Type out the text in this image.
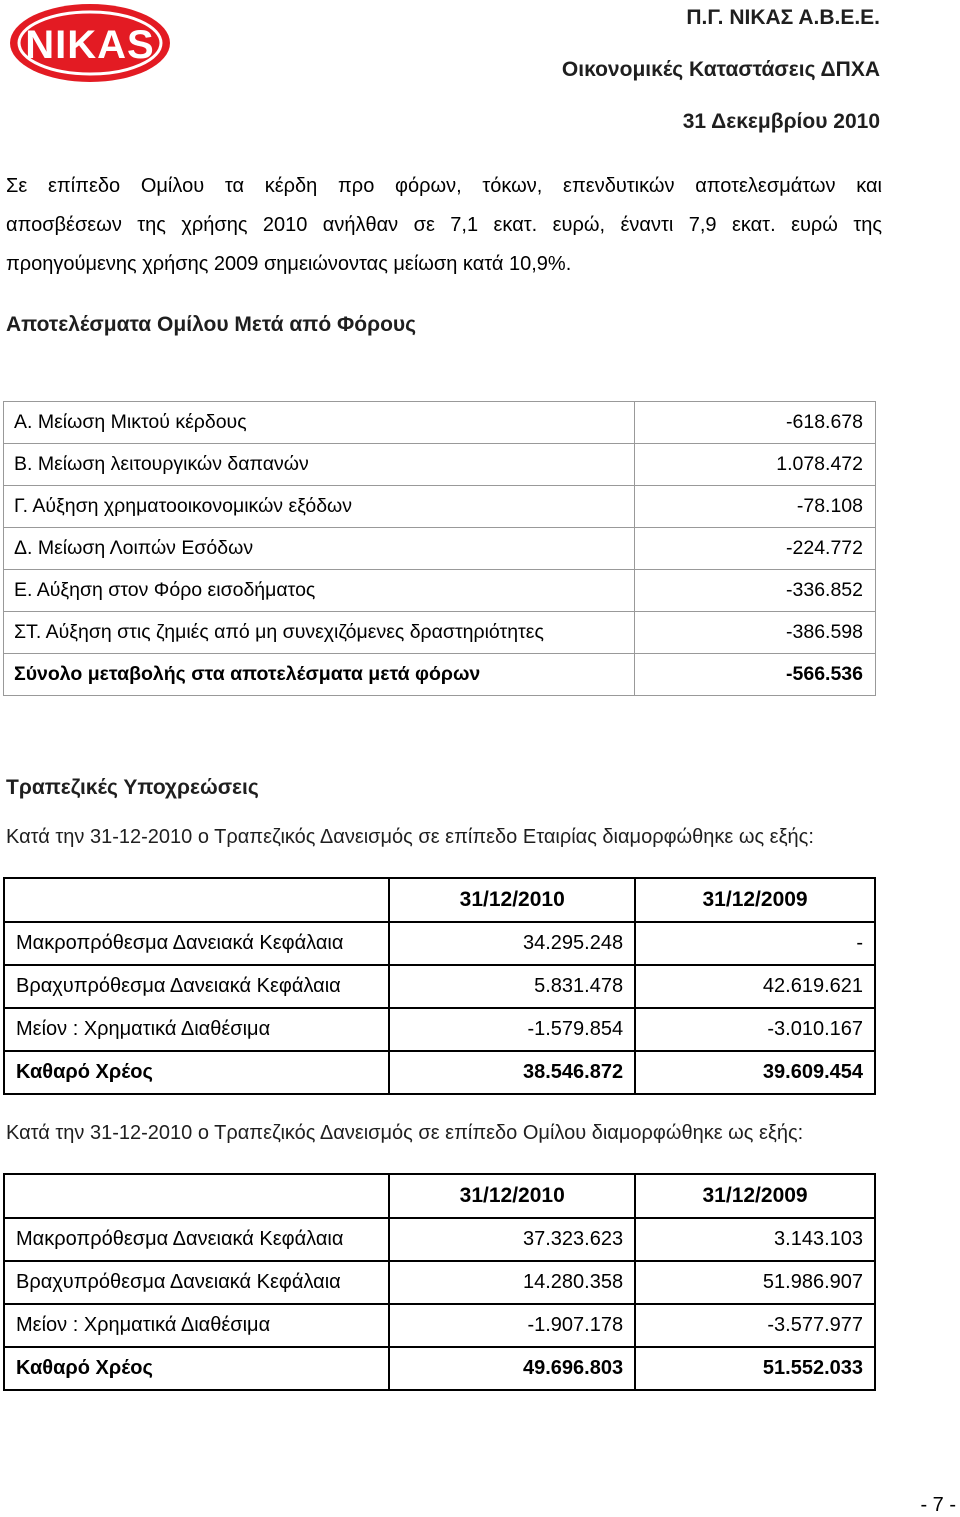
NIKAS
Π.Γ. ΝΙΚΑΣ Α.Β.Ε.Ε.
Οικονομικές Καταστάσεις ΔΠΧΑ
31 Δεκεμβρίου 2010
Σε επίπεδο Ομίλου τα κέρδη προ φόρων, τόκων, επενδυτικών αποτελεσμάτων και
αποσβέσεων της χρήσης 2010 ανήλθαν σε 7,1 εκατ. ευρώ, έναντι 7,9 εκατ. ευρώ της
προηγούμενης χρήσης 2009 σημειώνοντας μείωση κατά 10,9%.
Αποτελέσματα Ομίλου Μετά από Φόρους
Α. Μείωση Μικτού κέρδους	-618.678
Β. Μείωση λειτουργικών δαπανών	1.078.472
Γ. Αύξηση χρηματοοικονομικών εξόδων	-78.108
Δ. Μείωση Λοιπών Εσόδων	-224.772
Ε. Αύξηση στον Φόρο εισοδήματος	-336.852
ΣΤ. Αύξηση στις ζημιές από μη συνεχιζόμενες δραστηριότητες	-386.598
Σύνολο μεταβολής στα αποτελέσματα μετά φόρων	-566.536
Τραπεζικές Υποχρεώσεις
Κατά την 31-12-2010 ο Τραπεζικός Δανεισμός σε επίπεδο Εταιρίας διαμορφώθηκε ως εξής:
	31/12/2010	31/12/2009
Μακροπρόθεσμα Δανειακά Κεφάλαια	34.295.248	-
Βραχυπρόθεσμα Δανειακά Κεφάλαια	5.831.478	42.619.621
Μείον : Χρηματικά Διαθέσιμα	-1.579.854	-3.010.167
Καθαρό Χρέος	38.546.872	39.609.454
Κατά την 31-12-2010 ο Τραπεζικός Δανεισμός σε επίπεδο Ομίλου διαμορφώθηκε ως εξής:
	31/12/2010	31/12/2009
Μακροπρόθεσμα Δανειακά Κεφάλαια	37.323.623	3.143.103
Βραχυπρόθεσμα Δανειακά Κεφάλαια	14.280.358	51.986.907
Μείον : Χρηματικά Διαθέσιμα	-1.907.178	-3.577.977
Καθαρό Χρέος	49.696.803	51.552.033
- 7 -
